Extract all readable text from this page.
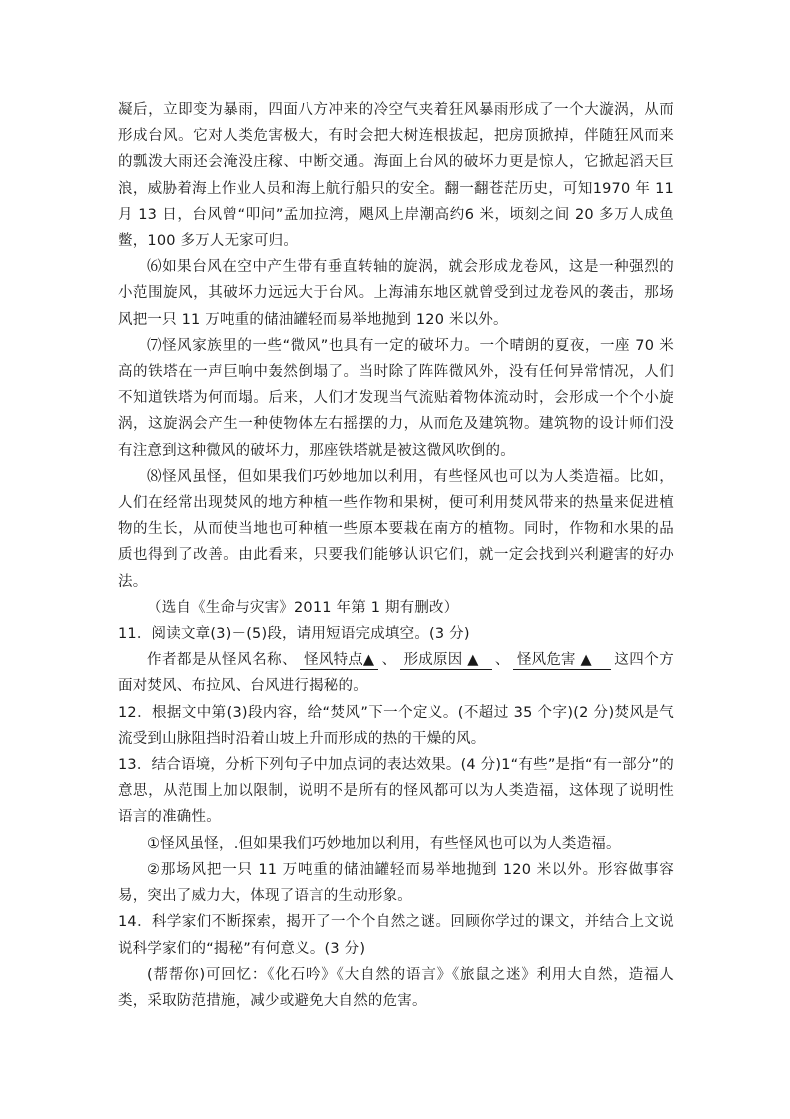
凝后，立即变为暴雨，四面八方冲来的冷空气夹着狂风暴雨形成了一个大漩涡，从而形成台风。它对人类危害极大，有时会把大树连根拔起，把房顶掀掉，伴随狂风而来的瓢泼大雨还会淹没庄稼、中断交通。海面上台风的破坏力更是惊人，它掀起滔天巨浪，威胁着海上作业人员和海上航行船只的安全。翻一翻苍茫历史，可知1970 年 11 月 13 日，台风曾“叩问”孟加拉湾，飓风上岸潮高约6 米，顷刻之间 20 多万人成鱼鳖，100 多万人无家可归。

⑹如果台风在空中产生带有垂直转轴的旋涡，就会形成龙卷风，这是一种强烈的小范围旋风，其破坏力远远大于台风。上海浦东地区就曾受到过龙卷风的袭击，那场风把一只 11 万吨重的储油罐轻而易举地抛到 120 米以外。

⑺怪风家族里的一些“微风”也具有一定的破坏力。一个晴朗的夏夜，一座 70 米高的铁塔在一声巨响中轰然倒塌了。当时除了阵阵微风外，没有任何异常情况，人们不知道铁塔为何而塌。后来，人们才发现当气流贴着物体流动时，会形成一个个小旋涡，这旋涡会产生一种使物体左右摇摆的力，从而危及建筑物。建筑物的设计师们没有注意到这种微风的破坏力，那座铁塔就是被这微风吹倒的。

⑻怪风虽怪，但如果我们巧妙地加以利用，有些怪风也可以为人类造福。比如，人们在经常出现焚风的地方种植一些作物和果树，便可利用焚风带来的热量来促进植物的生长，从而使当地也可种植一些原本要栽在南方的植物。同时，作物和水果的品质也得到了改善。由此看来，只要我们能够认识它们，就一定会找到兴利避害的好办法。

（选自《生命与灾害》2011 年第 1 期有删改）

11．阅读文章(3)－(5)段，请用短语完成填空。(3 分)

作者都是从怪风名称、 怪风特点▲ 、 形成原因 ▲ 、 怪风危害 ▲ 这四个方面对焚风、布拉风、台风进行揭秘的。

12．根据文中第(3)段内容，给“焚风”下一个定义。(不超过 35 个字)(2 分)焚风是气流受到山脉阻挡时沿着山坡上升而形成的热的干燥的风。

13．结合语境，分析下列句子中加点词的表达效果。(4 分)1“有些”是指“有一部分”的意思，从范围上加以限制，说明不是所有的怪风都可以为人类造福，这体现了说明性语言的准确性。

①怪风虽怪，.但如果我们巧妙地加以利用，有些怪风也可以为人类造福。

②那场风把一只 11 万吨重的储油罐轻而易举地抛到 120 米以外。形容做事容易，突出了威力大，体现了语言的生动形象。

14．科学家们不断探索，揭开了一个个自然之谜。回顾你学过的课文，并结合上文说说科学家们的“揭秘”有何意义。(3 分)

(帮帮你)可回忆：《化石吟》《大自然的语言》《旅鼠之迷》利用大自然，造福人类，采取防范措施，减少或避免大自然的危害。
